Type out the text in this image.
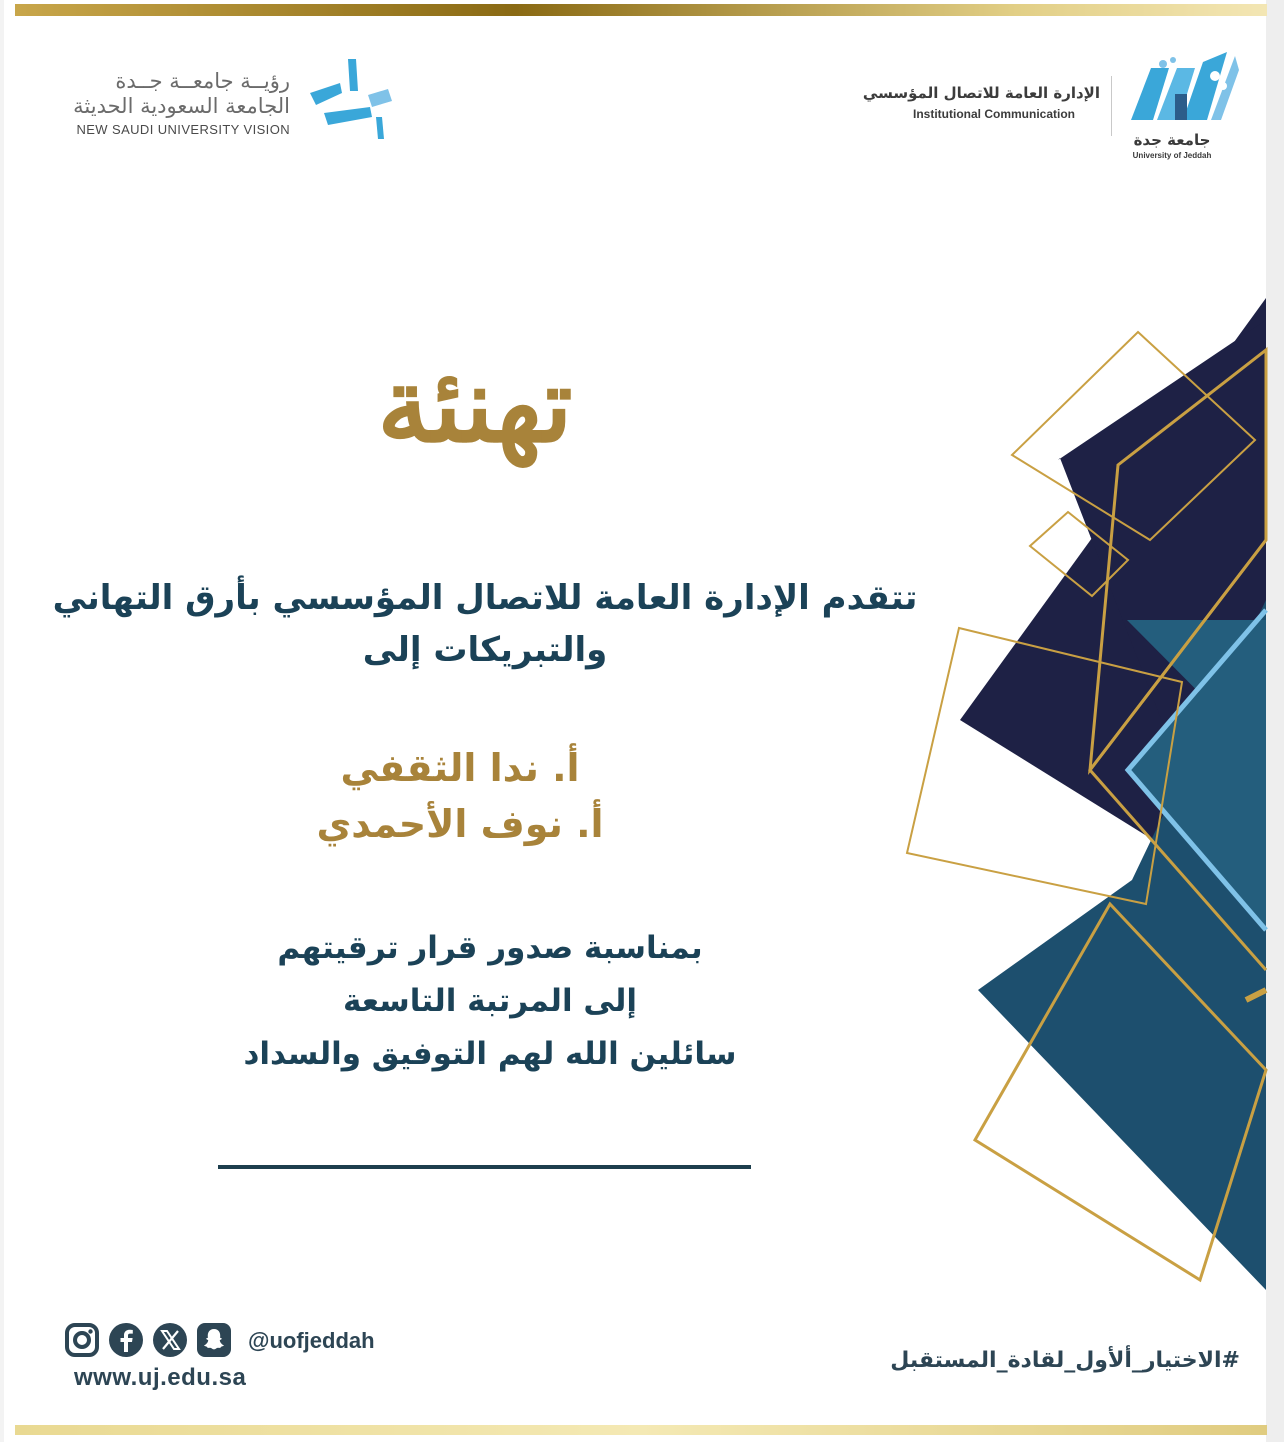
رؤيــة جامعــة جــدة
الجامعة السعودية الحديثة
NEW SAUDI UNIVERSITY VISION
الإدارة العامة للاتصال المؤسسي
Institutional Communication
جامعة جدة
University of Jeddah
تهنئة
تتقدم الإدارة العامة للاتصال المؤسسي بأرق التهاني
والتبريكات إلى
أ. ندا الثقفي
أ. نوف الأحمدي
بمناسبة صدور قرار ترقيتهم
إلى المرتبة التاسعة
سائلين الله لهم التوفيق والسداد
@uofjeddah
www.uj.edu.sa
#الاختيار_ألأول_لقادة_المستقبل
